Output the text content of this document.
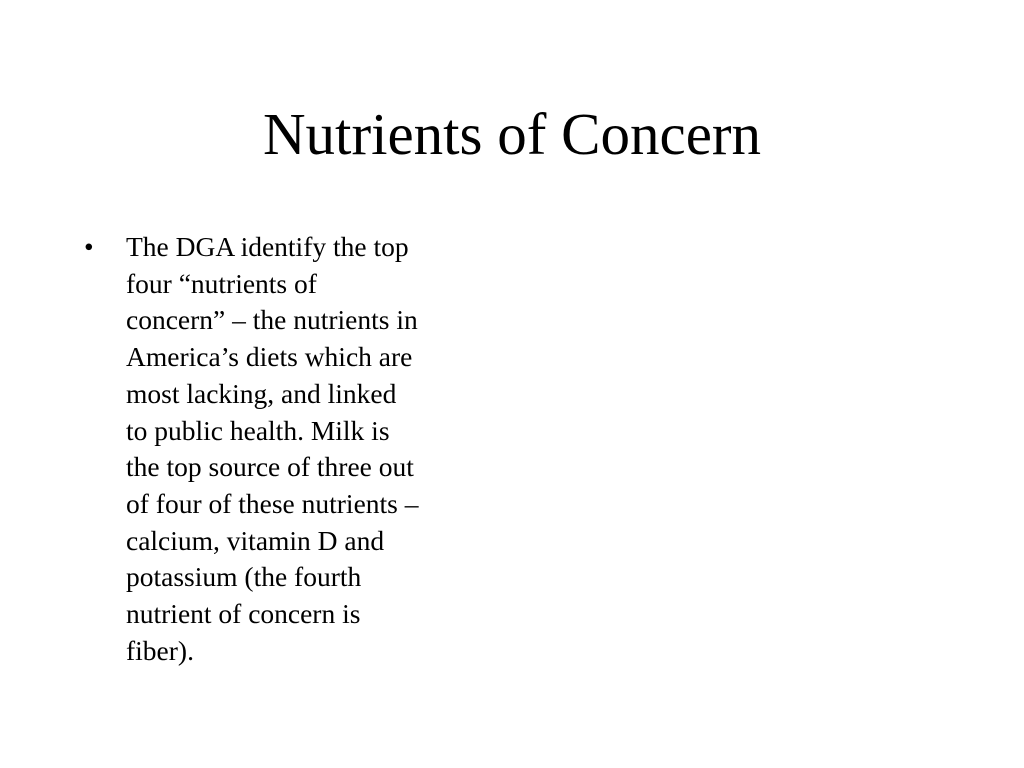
Nutrients of Concern
•	The DGA identify the top
four “nutrients of
concern” – the nutrients in
America’s diets which are
most lacking, and linked
to public health. Milk is
the top source of three out
of four of these nutrients –
calcium, vitamin D and
potassium (the fourth
nutrient of concern is
fiber).
